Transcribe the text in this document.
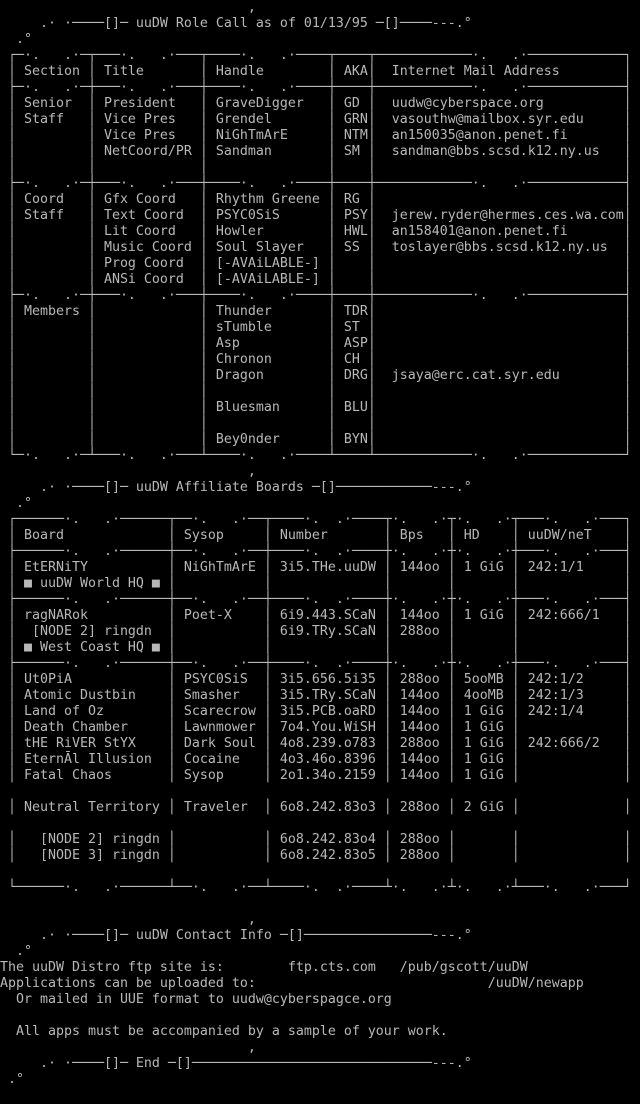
,
.· ·────[]─ uuDW Role Call as of 01/13/95 ─[]────---.°
.°
┌─·.   .·─┬───·.   .·───┬────·.   .·────┬────┬────────────·.   .·────────────┐
│ Section │ Title       │ Handle        │ AKA│  Internet Mail Address        │
├─·.   .·─┼───·.   .·───┼────·.   .·────┼────┼────────────·.   .·────────────┤
│ Senior  │ President   │ GraveDigger   │ GD │  uudw@cyberspace.org          │
│ Staff   │ Vice Pres   │ Grendel       │ GRN│  vasouthw@mailbox.syr.edu     │
│         │ Vice Pres   │ NiGhTmArE     │ NTM│  an150035@anon.penet.fi       │
│         │ NetCoord/PR │ Sandman       │ SM │  sandman@bbs.scsd.k12.ny.us   │
│         │             │               │    │                               │
├─·.   .·─┼───·.   .·───┼────·.   .·────┼────┼────────────·.   .·────────────┤
│ Coord   │ Gfx Coord   │ Rhythm Greene │ RG │                               │
│ Staff   │ Text Coord  │ PSYC0SiS      │ PSY│  jerew.ryder@hermes.ces.wa.com│
│         │ Lit Coord   │ Howler        │ HWL│  an158401@anon.penet.fi       │
│         │ Music Coord │ Soul Slayer   │ SS │  toslayer@bbs.scsd.k12.ny.us  │
│         │ Prog Coord  │ [-AVAiLABLE-] │    │                               │
│         │ ANSi Coord  │ [-AVAiLABLE-] │    │                               │
├─·.   .·─┼───·.   .·───┼────·.   .·────┼────┼────────────·.   .·────────────┤
│ Members │             │ Thunder       │ TDR│                               │
│         │             │ sTumble       │ ST │                               │
│         │             │ Asp           │ ASP│                               │
│         │             │ Chronon       │ CH │                               │
│         │             │ Dragon        │ DRG│  jsaya@erc.cat.syr.edu        │
│         │             │               │    │                               │
│         │             │ Bluesman      │ BLU│                               │
│         │             │               │    │                               │
│         │             │ Bey0nder      │ BYN│                               │
└─·.   .·─┴───·.   .·───┴────·.   .·────┴────┴────────────·.   .·────────────┘
,
.· ·────[]─ uuDW Affiliate Boards ─[]────────────---.°
.°
┌──────·.   .·──────┬──·.   .·──┬────·.  .·────┬·.   .·┬·.   .·┬───·.   .·───┐
│ Board             │ Sysop     │ Number       │ Bps   │ HD    │ uuDW/neT    │
├──────·.   .·──────┼──·.   .·──┼────·.  .·────┼·.   .·┼·.   .·┼───·.   .·───┤
│ EtERNiTY          │ NiGhTmArE │ 3i5.THe.uuDW │ 144oo │ 1 GiG │ 242:1/1     │
│ ■ uuDW World HQ ■ │           │              │       │       │             │
├──────·.   .·──────┼──·.   .·──┼────·.  .·────┼·.   .·┼·.   .·┼───·.   .·───┤
│ ragNARok          │ Poet-X    │ 6i9.443.SCaN │ 144oo │ 1 GiG │ 242:666/1   │
│  [NODE 2] ringdn  │           │ 6i9.TRy.SCaN │ 288oo │       │             │
│ ■ West Coast HQ ■ │           │              │       │       │             │
├──────·.   .·──────┼──·.   .·──┼────·.  .·────┼·.   .·┼·.   .·┼───·.   .·───┤
│ Ut0PiA            │ PSYC0SiS  │ 3i5.656.5i35 │ 288oo │ 5ooMB │ 242:1/2     │
│ Atomic Dustbin    │ Smasher   │ 3i5.TRy.SCaN │ 144oo │ 4ooMB │ 242:1/3     │
│ Land of Oz        │ Scarecrow │ 3i5.PCB.oaRD │ 144oo │ 1 GiG │ 242:1/4     │
│ Death Chamber     │ Lawnmower │ 7o4.You.WiSH │ 144oo │ 1 GiG │             │
│ tHE RiVER StYX    │ Dark Soul │ 4o8.239.o783 │ 288oo │ 1 GiG │ 242:666/2   │
│ EternĀl Illusion  │ Cocaine   │ 4o3.46o.8396 │ 144oo │ 1 GiG │             │
│ Fatal Chaos       │ Sysop     │ 2o1.34o.2159 │ 144oo │ 1 GiG │             │
│ Neutral Territory │ Traveler  │ 6o8.242.83o3 │ 288oo │ 2 GiG │             │
│   [NODE 2] ringdn │           │ 6o8.242.83o4 │ 288oo │       │             │
│   [NODE 3] ringdn │           │ 6o8.242.83o5 │ 288oo │       │             │
└──────·.   .·──────┴──·.   .·──┴────·.  .·────┴·.   .·┴·.   .·┴───·.   .·───┘
,
.· ·────[]─ uuDW Contact Info ─[]────────────────---.°
.°
The uuDW Distro ftp site is:        ftp.cts.com   /pub/gscott/uuDW
Applications can be uploaded to:                             /uuDW/newapp
Or mailed in UUE format to uudw@cyberspagce.org
All apps must be accompanied by a sample of your work.
,
.· ·────[]─ End ─[]──────────────────────────────---.°
.°
